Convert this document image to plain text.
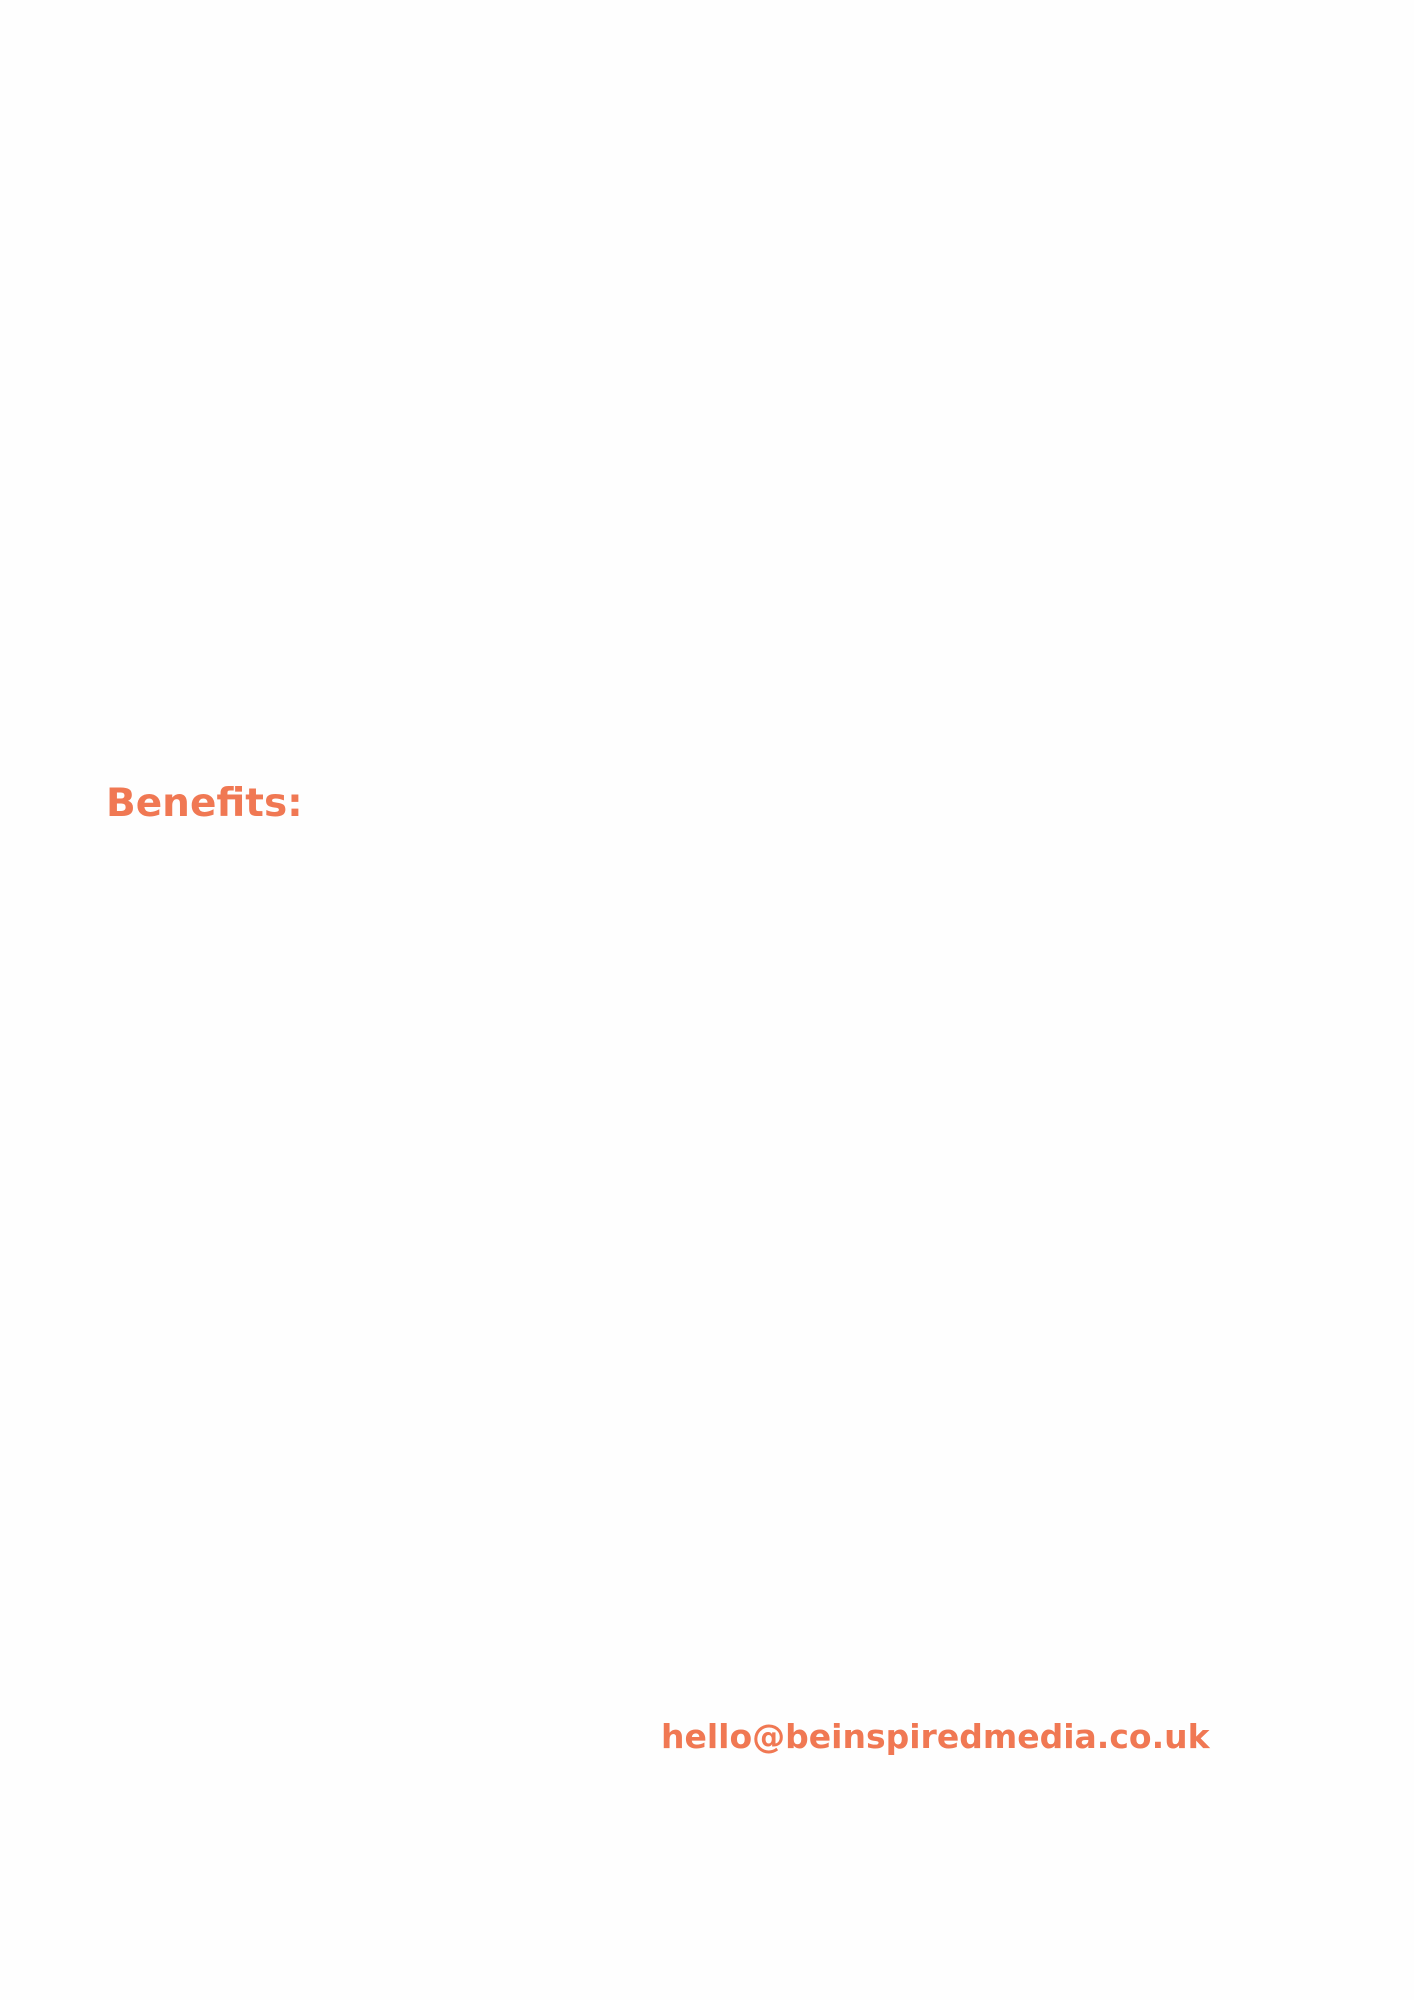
Benefits:
hello@beinspiredmedia.co.uk
